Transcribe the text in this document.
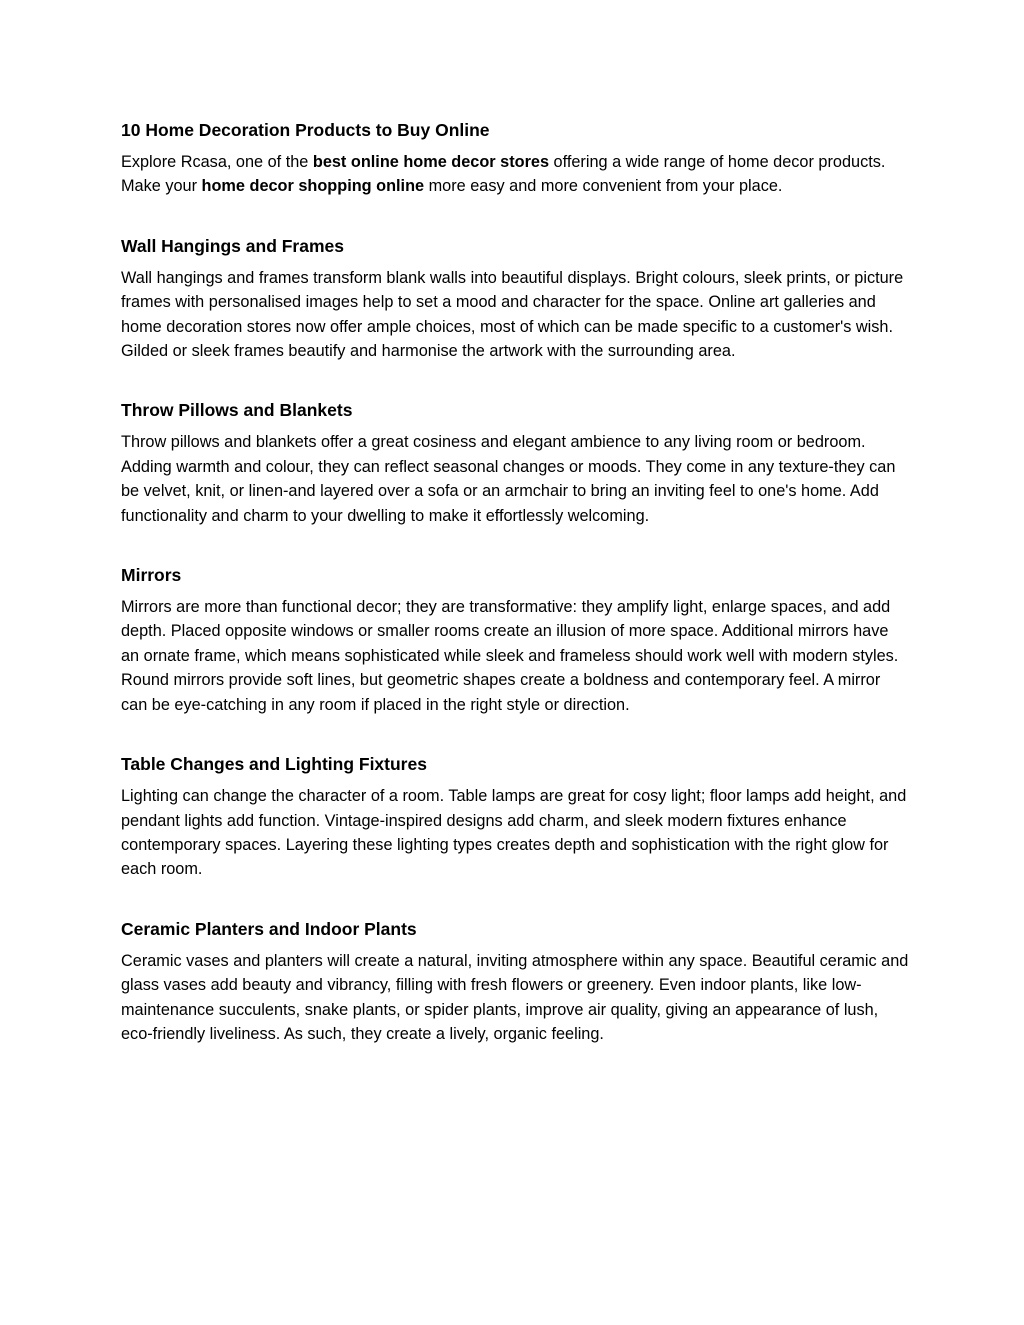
10 Home Decoration Products to Buy Online

Explore Rcasa, one of the best online home decor stores offering a wide range of home decor products. Make your home decor shopping online more easy and more convenient from your place.

Wall Hangings and Frames

Wall hangings and frames transform blank walls into beautiful displays. Bright colours, sleek prints, or picture frames with personalised images help to set a mood and character for the space. Online art galleries and home decoration stores now offer ample choices, most of which can be made specific to a customer's wish. Gilded or sleek frames beautify and harmonise the artwork with the surrounding area.

Throw Pillows and Blankets

Throw pillows and blankets offer a great cosiness and elegant ambience to any living room or bedroom. Adding warmth and colour, they can reflect seasonal changes or moods. They come in any texture-they can be velvet, knit, or linen-and layered over a sofa or an armchair to bring an inviting feel to one's home. Add functionality and charm to your dwelling to make it effortlessly welcoming.

Mirrors

Mirrors are more than functional decor; they are transformative: they amplify light, enlarge spaces, and add depth. Placed opposite windows or smaller rooms create an illusion of more space. Additional mirrors have an ornate frame, which means sophisticated while sleek and frameless should work well with modern styles. Round mirrors provide soft lines, but geometric shapes create a boldness and contemporary feel. A mirror can be eye-catching in any room if placed in the right style or direction.

Table Changes and Lighting Fixtures

Lighting can change the character of a room. Table lamps are great for cosy light; floor lamps add height, and pendant lights add function. Vintage-inspired designs add charm, and sleek modern fixtures enhance contemporary spaces. Layering these lighting types creates depth and sophistication with the right glow for each room.

Ceramic Planters and Indoor Plants

Ceramic vases and planters will create a natural, inviting atmosphere within any space. Beautiful ceramic and glass vases add beauty and vibrancy, filling with fresh flowers or greenery. Even indoor plants, like low-maintenance succulents, snake plants, or spider plants, improve air quality, giving an appearance of lush, eco-friendly liveliness. As such, they create a lively, organic feeling.
